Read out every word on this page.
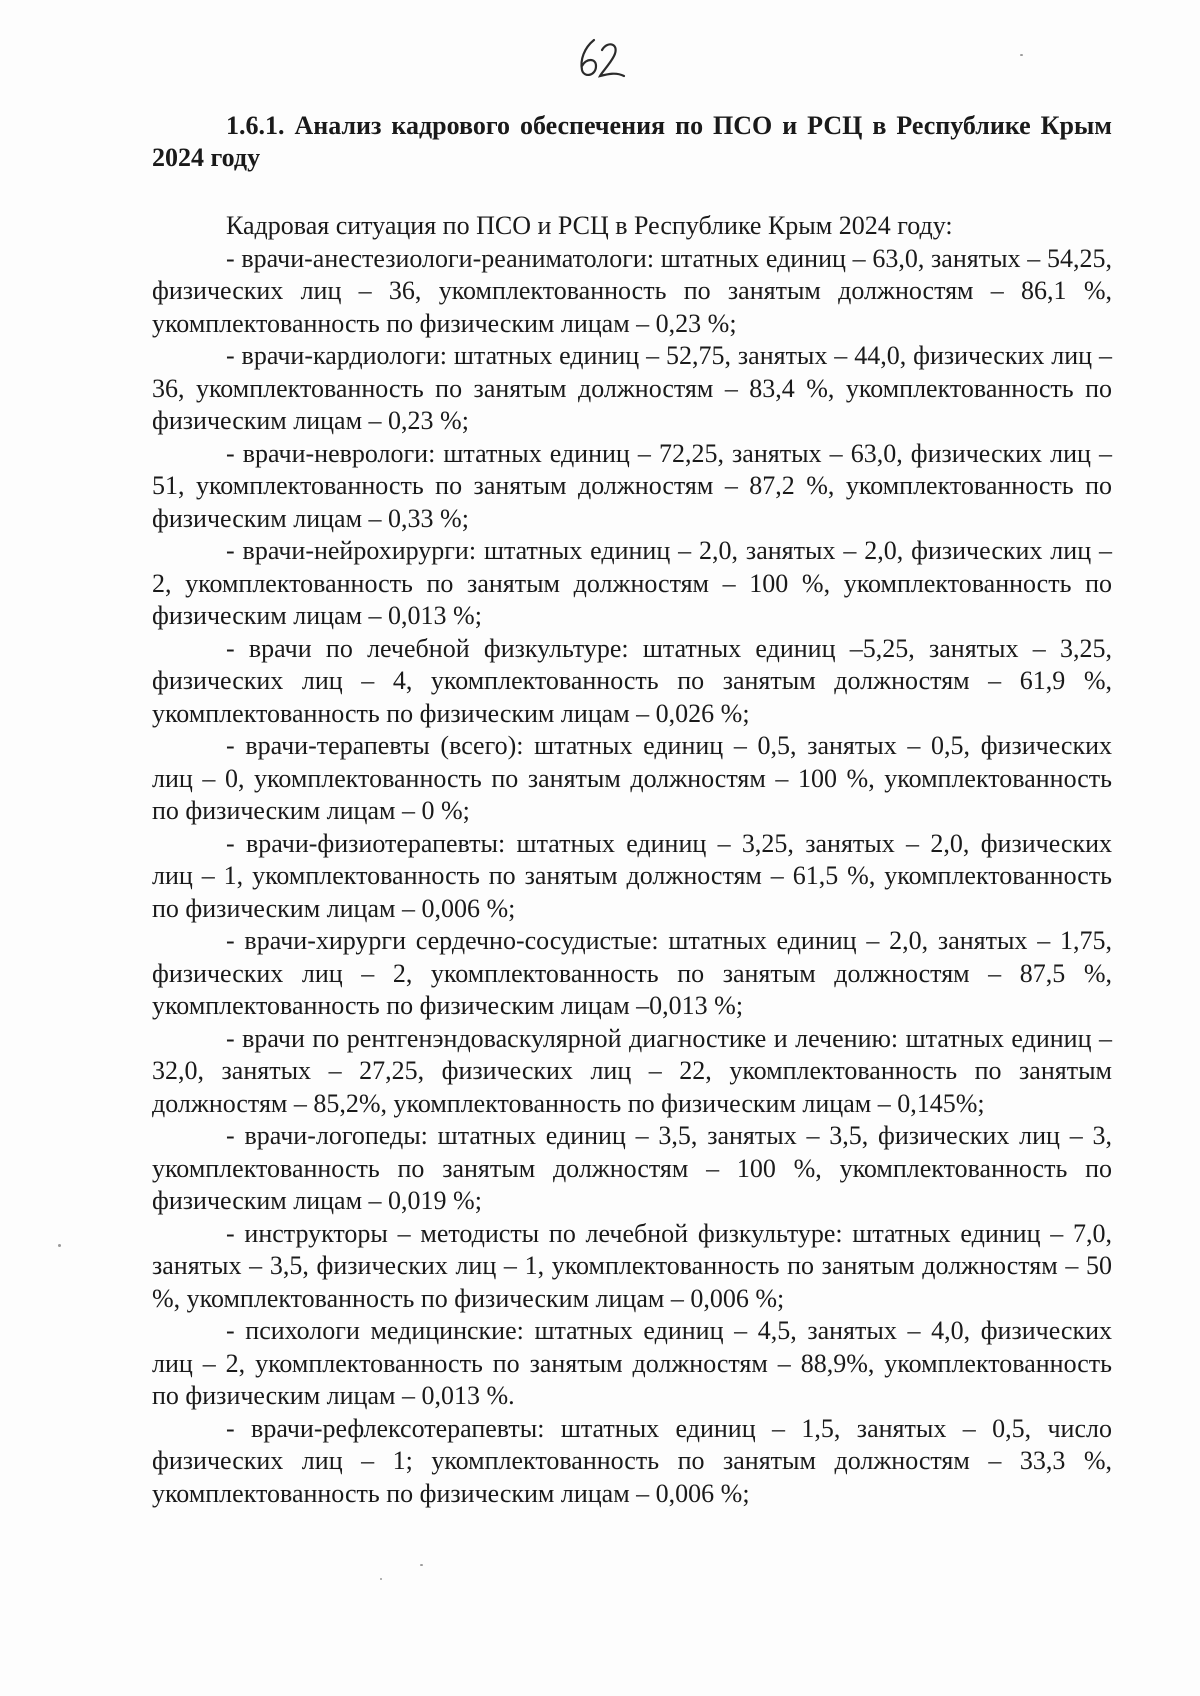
1.6.1. Анализ кадрового обеспечения по ПСО и РСЦ в Республике Крым 2024 году

Кадровая ситуация по ПСО и РСЦ в Республике Крым 2024 году:

- врачи-анестезиологи-реаниматологи: штатных единиц – 63,0, занятых – 54,25, физических лиц – 36, укомплектованность по занятым должностям – 86,1 %, укомплектованность по физическим лицам – 0,23 %;

- врачи-кардиологи: штатных единиц – 52,75, занятых – 44,0, физических лиц – 36, укомплектованность по занятым должностям – 83,4 %, укомплектованность по физическим лицам – 0,23 %;

- врачи-неврологи: штатных единиц – 72,25, занятых – 63,0, физических лиц – 51, укомплектованность по занятым должностям – 87,2 %, укомплектованность по физическим лицам – 0,33 %;

- врачи-нейрохирурги: штатных единиц – 2,0, занятых – 2,0, физических лиц – 2, укомплектованность по занятым должностям – 100 %, укомплектованность по физическим лицам – 0,013 %;

- врачи по лечебной физкультуре: штатных единиц –5,25, занятых – 3,25, физических лиц – 4, укомплектованность по занятым должностям – 61,9 %, укомплектованность по физическим лицам – 0,026 %;

- врачи-терапевты (всего): штатных единиц – 0,5, занятых – 0,5, физических лиц – 0, укомплектованность по занятым должностям – 100 %, укомплектованность по физическим лицам – 0 %;

- врачи-физиотерапевты: штатных единиц – 3,25, занятых – 2,0, физических лиц – 1, укомплектованность по занятым должностям – 61,5 %, укомплектованность по физическим лицам – 0,006 %;

- врачи-хирурги сердечно-сосудистые: штатных единиц – 2,0, занятых – 1,75, физических лиц – 2, укомплектованность по занятым должностям – 87,5 %, укомплектованность по физическим лицам –0,013 %;

- врачи по рентгенэндоваскулярной диагностике и лечению: штатных единиц – 32,0, занятых – 27,25, физических лиц – 22, укомплектованность по занятым должностям – 85,2%, укомплектованность по физическим лицам – 0,145%;

- врачи-логопеды: штатных единиц – 3,5, занятых – 3,5, физических лиц – 3, укомплектованность по занятым должностям – 100 %, укомплектованность по физическим лицам – 0,019 %;

- инструкторы – методисты по лечебной физкультуре: штатных единиц – 7,0, занятых – 3,5, физических лиц – 1, укомплектованность по занятым должностям – 50 %, укомплектованность по физическим лицам – 0,006 %;

- психологи медицинские: штатных единиц – 4,5, занятых – 4,0, физических лиц – 2, укомплектованность по занятым должностям – 88,9%, укомплектованность по физическим лицам – 0,013 %.

- врачи-рефлексотерапевты: штатных единиц – 1,5, занятых – 0,5, число физических лиц – 1; укомплектованность по занятым должностям – 33,3 %, укомплектованность по физическим лицам – 0,006 %;
